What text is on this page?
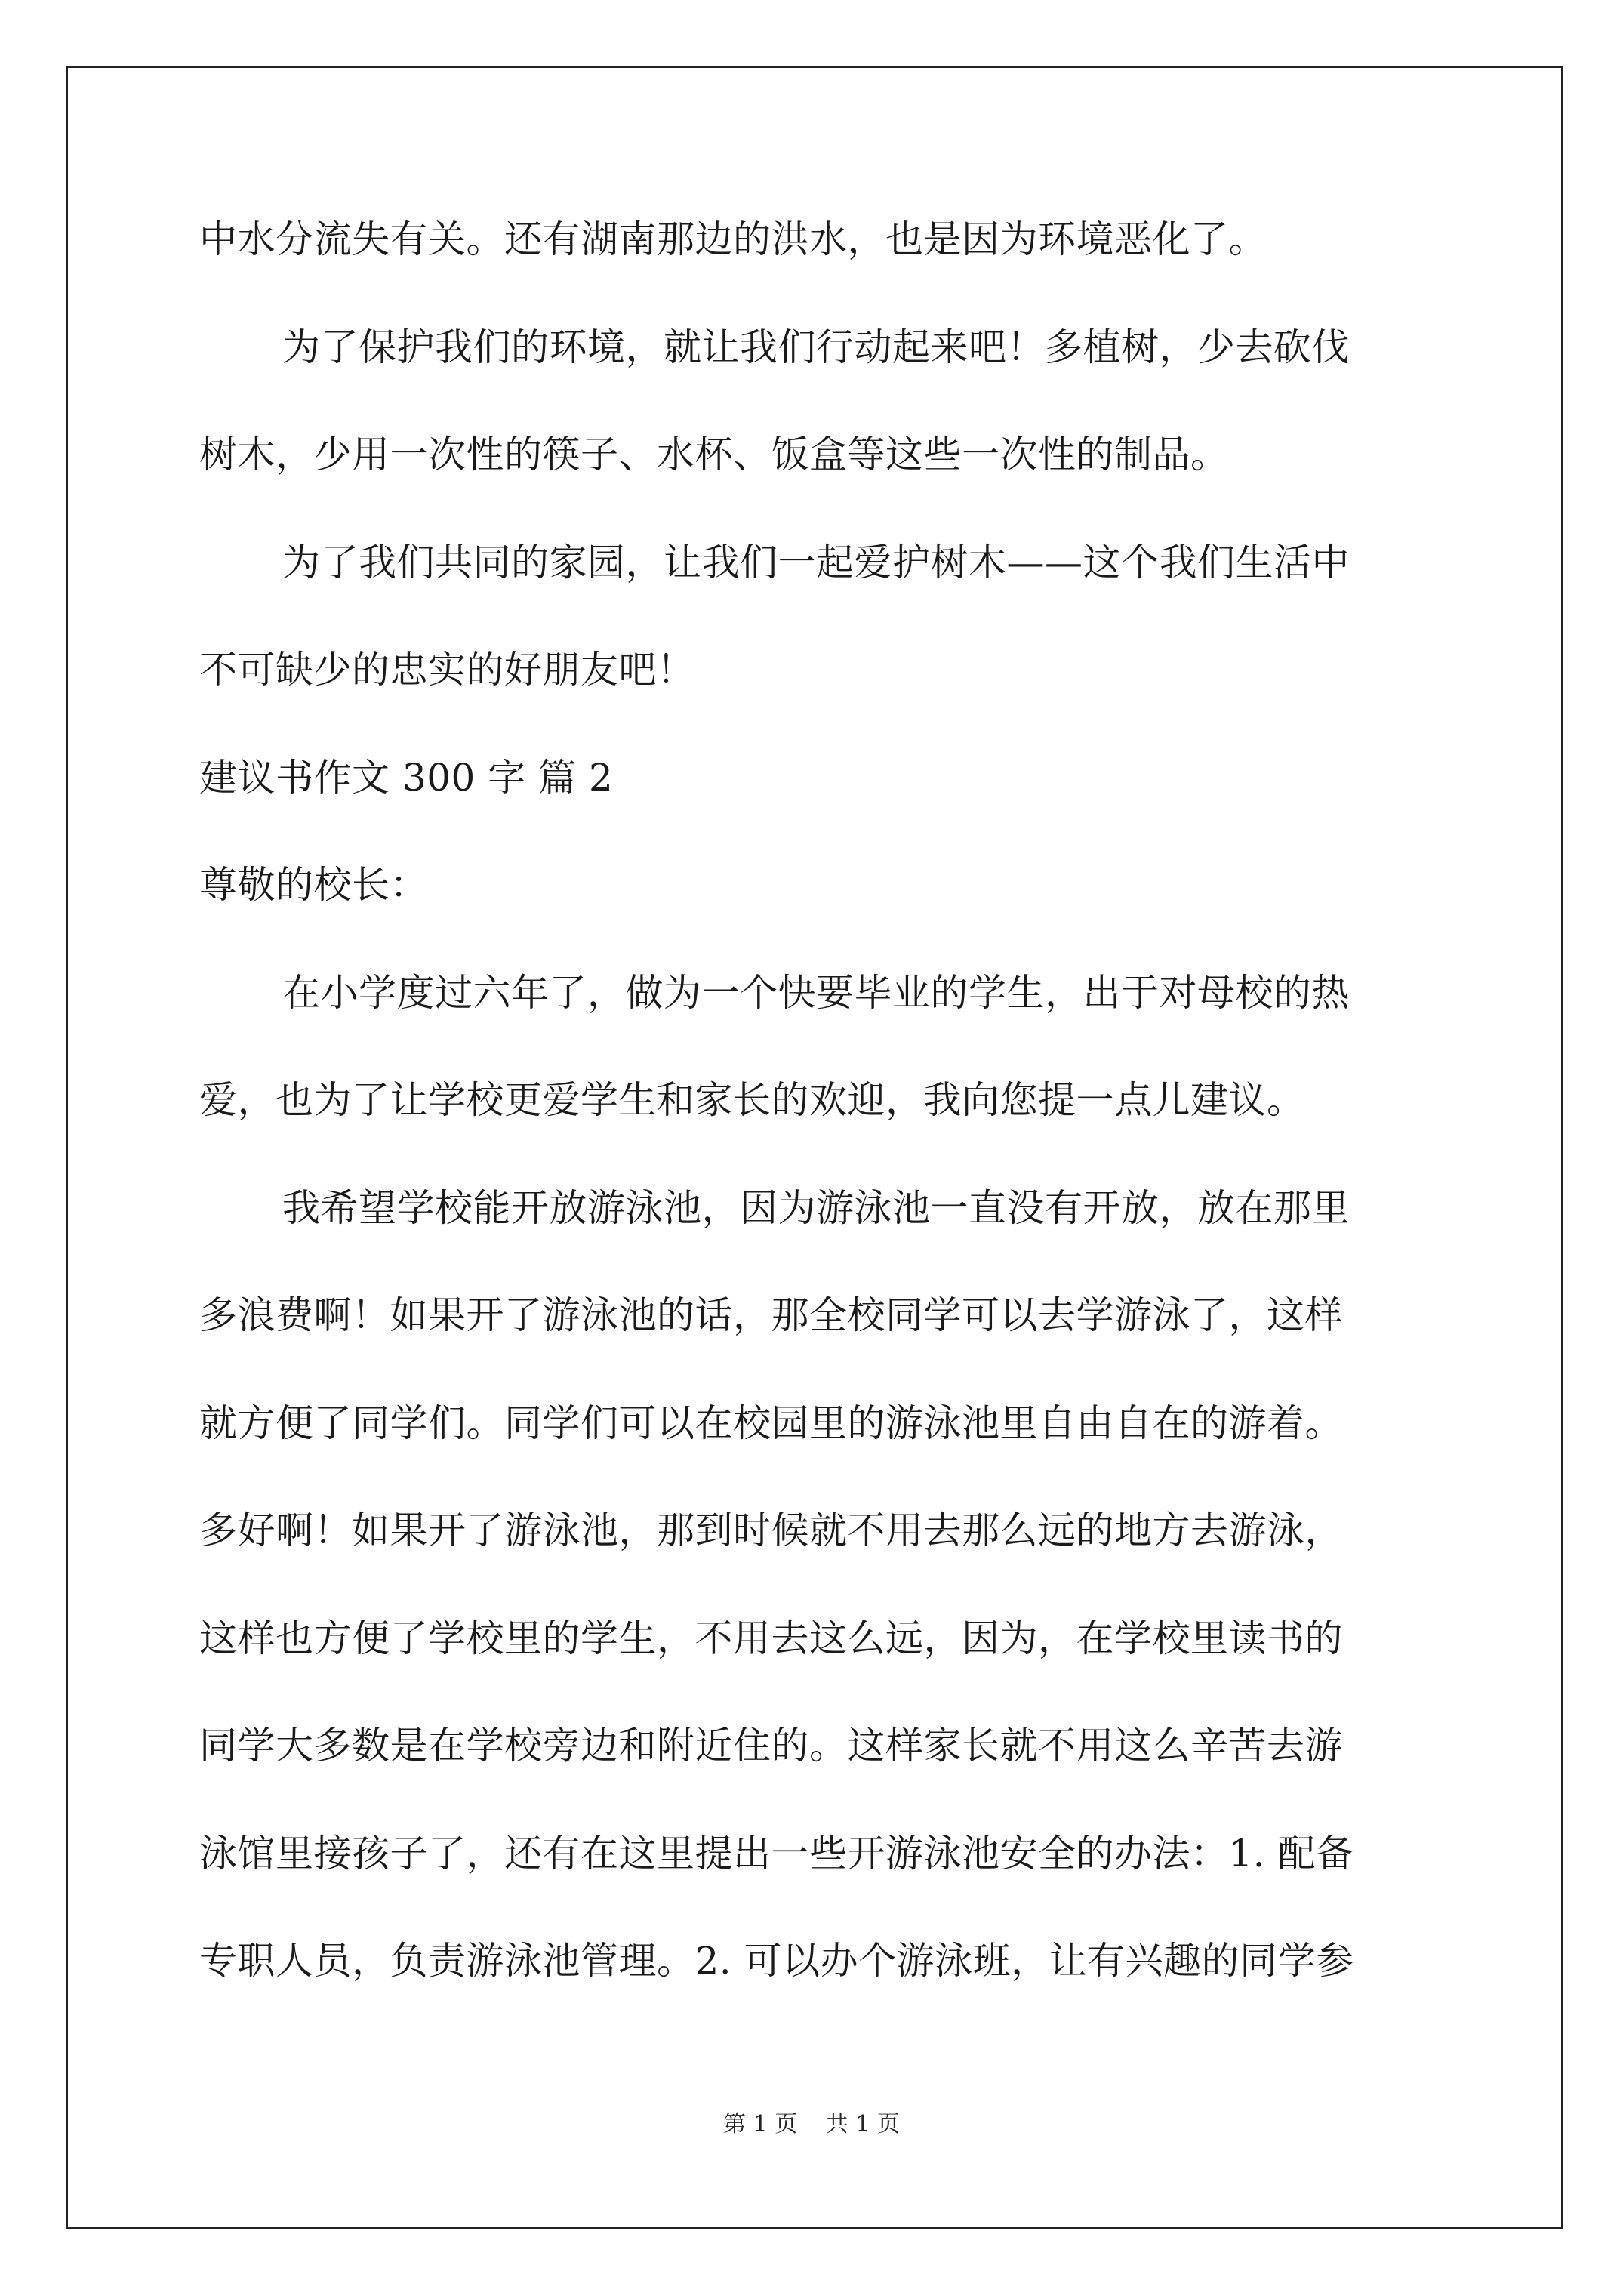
中水分流失有关。还有湖南那边的洪水，也是因为环境恶化了。
为了保护我们的环境，就让我们行动起来吧！多植树，少去砍伐
树木，少用一次性的筷子、水杯、饭盒等这些一次性的制品。
为了我们共同的家园，让我们一起爱护树木——这个我们生活中
不可缺少的忠实的好朋友吧！
建议书作文 300 字 篇 2
尊敬的校长：
在小学度过六年了，做为一个快要毕业的学生，出于对母校的热
爱，也为了让学校更爱学生和家长的欢迎，我向您提一点儿建议。
我希望学校能开放游泳池，因为游泳池一直没有开放，放在那里
多浪费啊！如果开了游泳池的话，那全校同学可以去学游泳了，这样
就方便了同学们。同学们可以在校园里的游泳池里自由自在的游着。
多好啊！如果开了游泳池，那到时候就不用去那么远的地方去游泳，
这样也方便了学校里的学生，不用去这么远，因为，在学校里读书的
同学大多数是在学校旁边和附近住的。这样家长就不用这么辛苦去游
泳馆里接孩子了，还有在这里提出一些开游泳池安全的办法：1. 配备
专职人员，负责游泳池管理。2. 可以办个游泳班，让有兴趣的同学参
第 1 页 共 1 页
